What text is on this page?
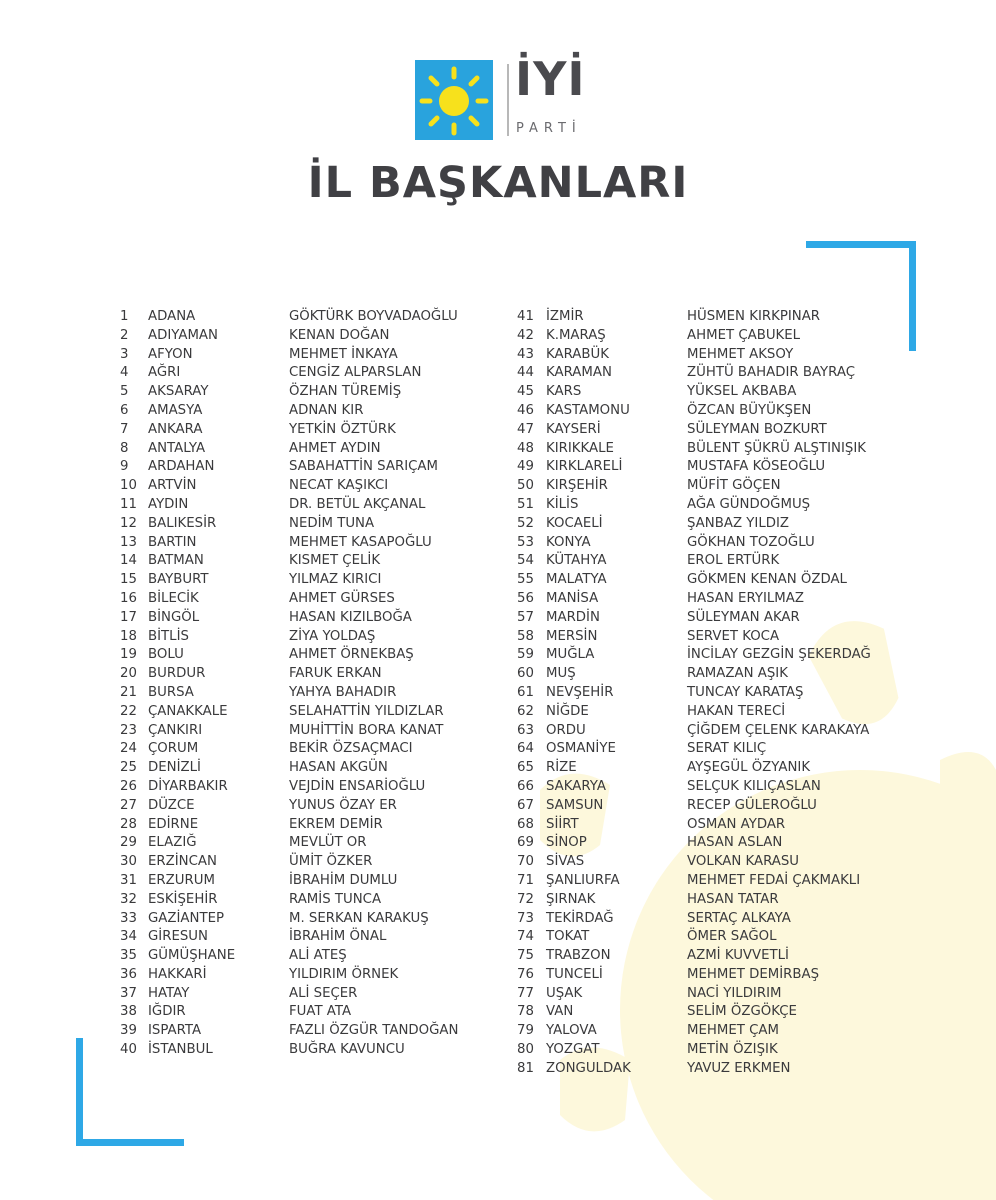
İYİ
PARTİ
İL BAŞKANLARI
1 ADANA	GÖKTÜRK BOYVADAOĞLU
2 ADIYAMAN	KENAN DOĞAN
3 AFYON	MEHMET İNKAYA
4 AĞRI	CENGİZ ALPARSLAN
5 AKSARAY	ÖZHAN TÜREMİŞ
6 AMASYA	ADNAN KIR
7 ANKARA	YETKİN ÖZTÜRK
8 ANTALYA	AHMET AYDIN
9 ARDAHAN	SABAHATTİN SARIÇAM
10 ARTVİN	NECAT KAŞIKCI
11 AYDIN	DR. BETÜL AKÇANAL
12 BALIKESİR	NEDİM TUNA
13 BARTIN	MEHMET KASAPOĞLU
14 BATMAN	KISMET ÇELİK
15 BAYBURT	YILMAZ KIRICI
16 BİLECİK	AHMET GÜRSES
17 BİNGÖL	HASAN KIZILBOĞA
18 BİTLİS	ZİYA YOLDAŞ
19 BOLU	AHMET ÖRNEKBAŞ
20 BURDUR	FARUK ERKAN
21 BURSA	YAHYA BAHADIR
22 ÇANAKKALE	SELAHATTİN YILDIZLAR
23 ÇANKIRI	MUHİTTİN BORA KANAT
24 ÇORUM	BEKİR ÖZSAÇMACI
25 DENİZLİ	HASAN AKGÜN
26 DİYARBAKIR	VEJDİN ENSARİOĞLU
27 DÜZCE	YUNUS ÖZAY ER
28 EDİRNE	EKREM DEMİR
29 ELAZIĞ	MEVLÜT OR
30 ERZİNCAN	ÜMİT ÖZKER
31 ERZURUM	İBRAHİM DUMLU
32 ESKİŞEHİR	RAMİS TUNCA
33 GAZİANTEP	M. SERKAN KARAKUŞ
34 GİRESUN	İBRAHİM ÖNAL
35 GÜMÜŞHANE	ALİ ATEŞ
36 HAKKARİ	YILDIRIM ÖRNEK
37 HATAY	ALİ SEÇER
38 IĞDIR	FUAT ATA
39 ISPARTA	FAZLI ÖZGÜR TANDOĞAN
40 İSTANBUL	BUĞRA KAVUNCU
41 İZMİR	HÜSMEN KIRKPINAR
42 K.MARAŞ	AHMET ÇABUKEL
43 KARABÜK	MEHMET AKSOY
44 KARAMAN	ZÜHTÜ BAHADIR BAYRAÇ
45 KARS	YÜKSEL AKBABA
46 KASTAMONU	ÖZCAN BÜYÜKŞEN
47 KAYSERİ	SÜLEYMAN BOZKURT
48 KIRIKKALE	BÜLENT ŞÜKRÜ ALŞTINIŞIK
49 KIRKLARELİ	MUSTAFA KÖSEOĞLU
50 KIRŞEHİR	MÜFİT GÖÇEN
51 KİLİS	AĞA GÜNDOĞMUŞ
52 KOCAELİ	ŞANBAZ YILDIZ
53 KONYA	GÖKHAN TOZOĞLU
54 KÜTAHYA	EROL ERTÜRK
55 MALATYA	GÖKMEN KENAN ÖZDAL
56 MANİSA	HASAN ERYILMAZ
57 MARDİN	SÜLEYMAN AKAR
58 MERSİN	SERVET KOCA
59 MUĞLA	İNCİLAY GEZGİN ŞEKERDAĞ
60 MUŞ	RAMAZAN AŞIK
61 NEVŞEHİR	TUNCAY KARATAŞ
62 NİĞDE	HAKAN TERECİ
63 ORDU	ÇİĞDEM ÇELENK KARAKAYA
64 OSMANİYE	SERAT KILIÇ
65 RİZE	AYŞEGÜL ÖZYANIK
66 SAKARYA	SELÇUK KILIÇASLAN
67 SAMSUN	RECEP GÜLEROĞLU
68 SİİRT	OSMAN AYDAR
69 SİNOP	HASAN ASLAN
70 SİVAS	VOLKAN KARASU
71 ŞANLIURFA	MEHMET FEDAİ ÇAKMAKLI
72 ŞIRNAK	HASAN TATAR
73 TEKİRDAĞ	SERTAÇ ALKAYA
74 TOKAT	ÖMER SAĞOL
75 TRABZON	AZMİ KUVVETLİ
76 TUNCELİ	MEHMET DEMİRBAŞ
77 UŞAK	NACİ YILDIRIM
78 VAN	SELİM ÖZGÖKÇE
79 YALOVA	MEHMET ÇAM
80 YOZGAT	METİN ÖZIŞIK
81 ZONGULDAK	YAVUZ ERKMEN
